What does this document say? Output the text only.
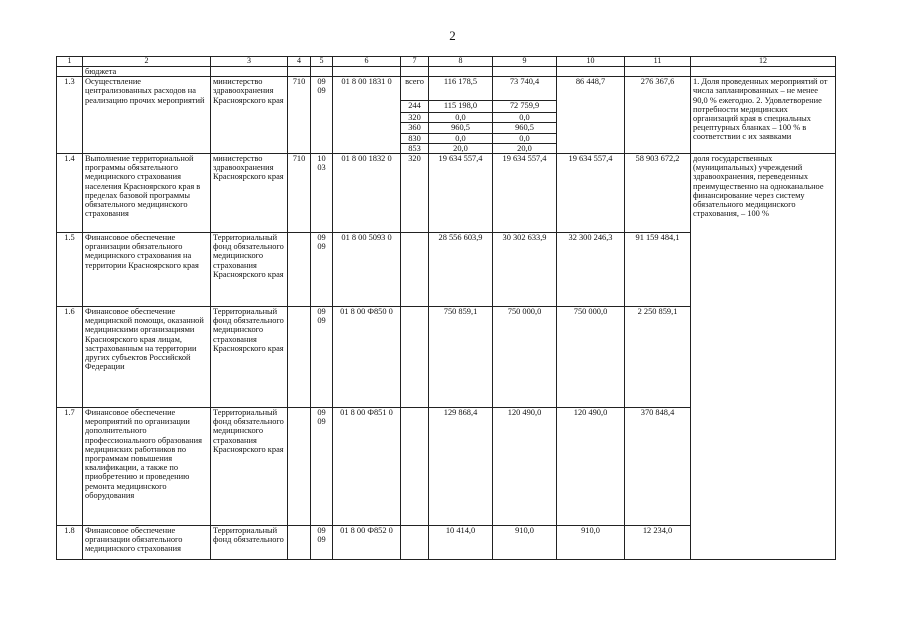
2
1	2	3	4	5	6	7	8	9	10	11	12	
	бюджета											
1.3	Осуществление централизованных расходов на реализацию прочих мероприятий	министерство здравоохранения Красноярского края	710	09 09	01 8 00 1831 0	всего	116 178,5	73 740,4	86 448,7	276 367,6	1. Доля проведенных мероприятий от числа запланированных – не менее 90,0 % ежегодно. 2. Удовлетворение потребности медицинских организаций края в специальных рецептурных бланках – 100 % в соответствии с их заявками	
						244	115 198,0	72 759,9				
						320	0,0	0,0				
						360	960,5	960,5				
						830	0,0	0,0				
						853	20,0	20,0				
1.4	Выполнение территориальной программы обязательного медицинского страхования населения Красноярского края в пределах базовой программы обязательного медицинского страхования	министерство здравоохранения Красноярского края	710	10 03	01 8 00 1832 0	320	19 634 557,4	19 634 557,4	19 634 557,4	58 903 672,2	доля государственных (муниципальных) учреждений здравоохранения, переведенных преимущественно на одноканальное финансирование через систему обязательного медицинского страхования, – 100 %	
1.5	Финансовое обеспечение организации обязательного медицинского страхования на территории Красноярского края	Территориальный фонд обязательного медицинского страхования Красноярского края		09 09	01 8 00 5093 0		28 556 603,9	30 302 633,9	32 300 246,3	91 159 484,1		
1.6	Финансовое обеспечение медицинской помощи, оказанной медицинскими организациями Красноярского края лицам, застрахованным на территории других субъектов Российской Федерации	Территориальный фонд обязательного медицинского страхования Красноярского края		09 09	01 8 00 Ф850 0		750 859,1	750 000,0	750 000,0	2 250 859,1		
1.7	Финансовое обеспечение мероприятий по организации дополнительного профессионального образования медицинских работников по программам повышения квалификации, а также по приобретению и проведению ремонта медицинского оборудования	Территориальный фонд обязательного медицинского страхования Красноярского края		09 09	01 8 00 Ф851 0		129 868,4	120 490,0	120 490,0	370 848,4		
1.8	Финансовое обеспечение организации обязательного медицинского страхования	Территориальный фонд обязательного		09 09	01 8 00 Ф852 0		10 414,0	910,0	910,0	12 234,0		
